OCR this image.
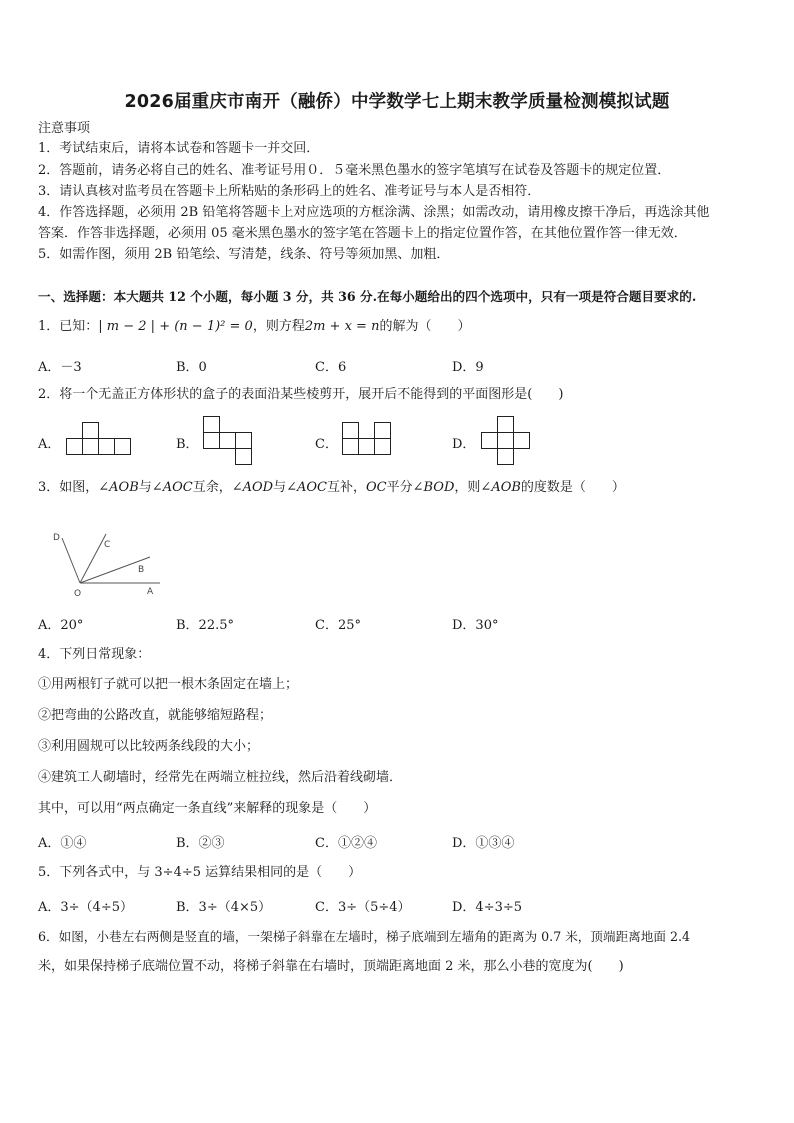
2026届重庆市南开（融侨）中学数学七上期末教学质量检测模拟试题
注意事项
1．考试结束后，请将本试卷和答题卡一并交回．
2．答题前，请务必将自己的姓名、准考证号用０．５毫米黑色墨水的签字笔填写在试卷及答题卡的规定位置．
3．请认真核对监考员在答题卡上所粘贴的条形码上的姓名、准考证号与本人是否相符．
4．作答选择题，必须用 2B 铅笔将答题卡上对应选项的方框涂满、涂黑；如需改动，请用橡皮擦干净后，再选涂其他
答案．作答非选择题，必须用 05 毫米黑色墨水的签字笔在答题卡上的指定位置作答，在其他位置作答一律无效．
5．如需作图，须用 2B 铅笔绘、写清楚，线条、符号等须加黑、加粗．
一、选择题：本大题共 12 个小题，每小题 3 分，共 36 分.在每小题给出的四个选项中，只有一项是符合题目要求的.
1．已知：| m − 2 | + (n − 1)² = 0，则方程2m + x = n的解为（　　）
A．－3	B．0	C．6	D．9
2．将一个无盖正方体形状的盒子的表面沿某些棱剪开，展开后不能得到的平面图形是(　　)
A．	B．	C．	D．
3．如图，∠AOB与∠AOC互余，∠AOD与∠AOC互补，OC平分∠BOD，则∠AOB的度数是（　　）
D
C
B
A
O
A．20°	B．22.5°	C．25°	D．30°
4．下列日常现象：
①用两根钉子就可以把一根木条固定在墙上；
②把弯曲的公路改直，就能够缩短路程；
③利用圆规可以比较两条线段的大小；
④建筑工人砌墙时，经常先在两端立桩拉线，然后沿着线砌墙．
其中，可以用“两点确定一条直线”来解释的现象是（　　）
A．①④	B．②③	C．①②④	D．①③④
5．下列各式中，与 3÷4÷5 运算结果相同的是（　　）
A．3÷（4÷5）	B．3÷（4×5）	C．3÷（5÷4）	D．4÷3÷5
6．如图，小巷左右两侧是竖直的墙，一架梯子斜靠在左墙时，梯子底端到左墙角的距离为 0.7 米，顶端距离地面 2.4
米，如果保持梯子底端位置不动，将梯子斜靠在右墙时，顶端距离地面 2 米，那么小巷的宽度为(　　)
